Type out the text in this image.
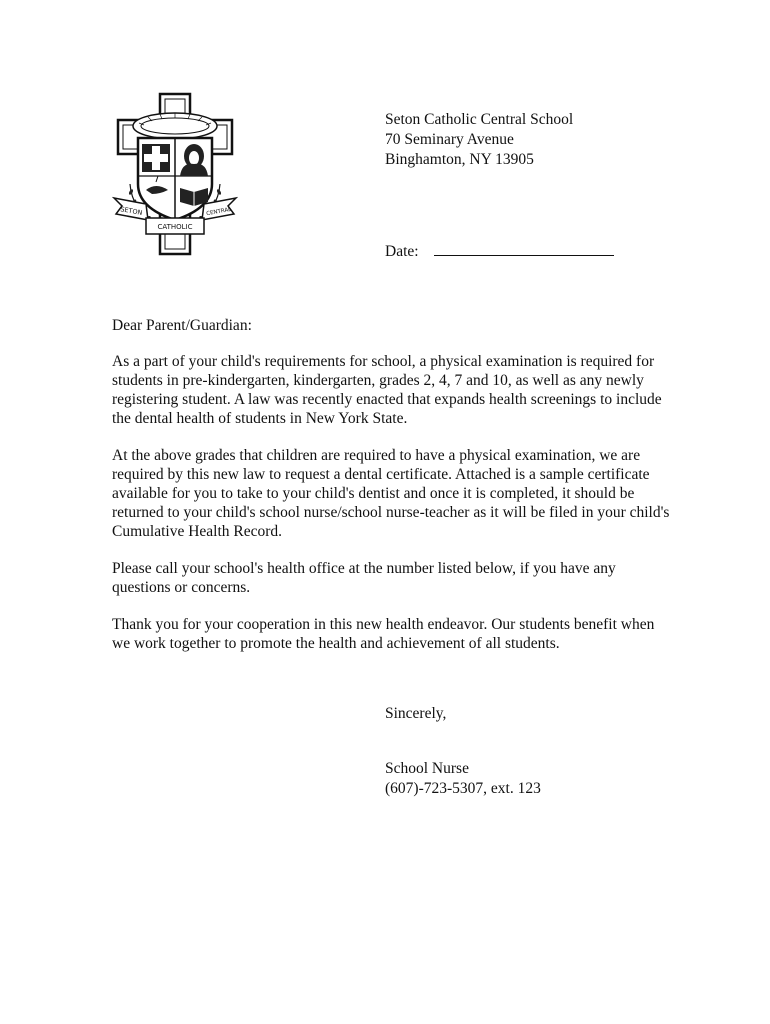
SETON
CATHOLIC
CENTRAL
Seton Catholic Central School
70 Seminary Avenue
Binghamton, NY 13905
Date:

Dear Parent/Guardian:

As a part of your child's requirements for school, a physical examination is required for students in pre-kindergarten, kindergarten, grades 2, 4, 7 and 10, as well as any newly registering student. A law was recently enacted that expands health screenings to include the dental health of students in New York State.

At the above grades that children are required to have a physical examination, we are required by this new law to request a dental certificate. Attached is a sample certificate available for you to take to your child's dentist and once it is completed, it should be returned to your child's school nurse/school nurse-teacher as it will be filed in your child's Cumulative Health Record.

Please call your school's health office at the number listed below, if you have any questions or concerns.

Thank you for your cooperation in this new health endeavor. Our students benefit when we work together to promote the health and achievement of all students.

Sincerely,
School Nurse
(607)-723-5307, ext. 123
